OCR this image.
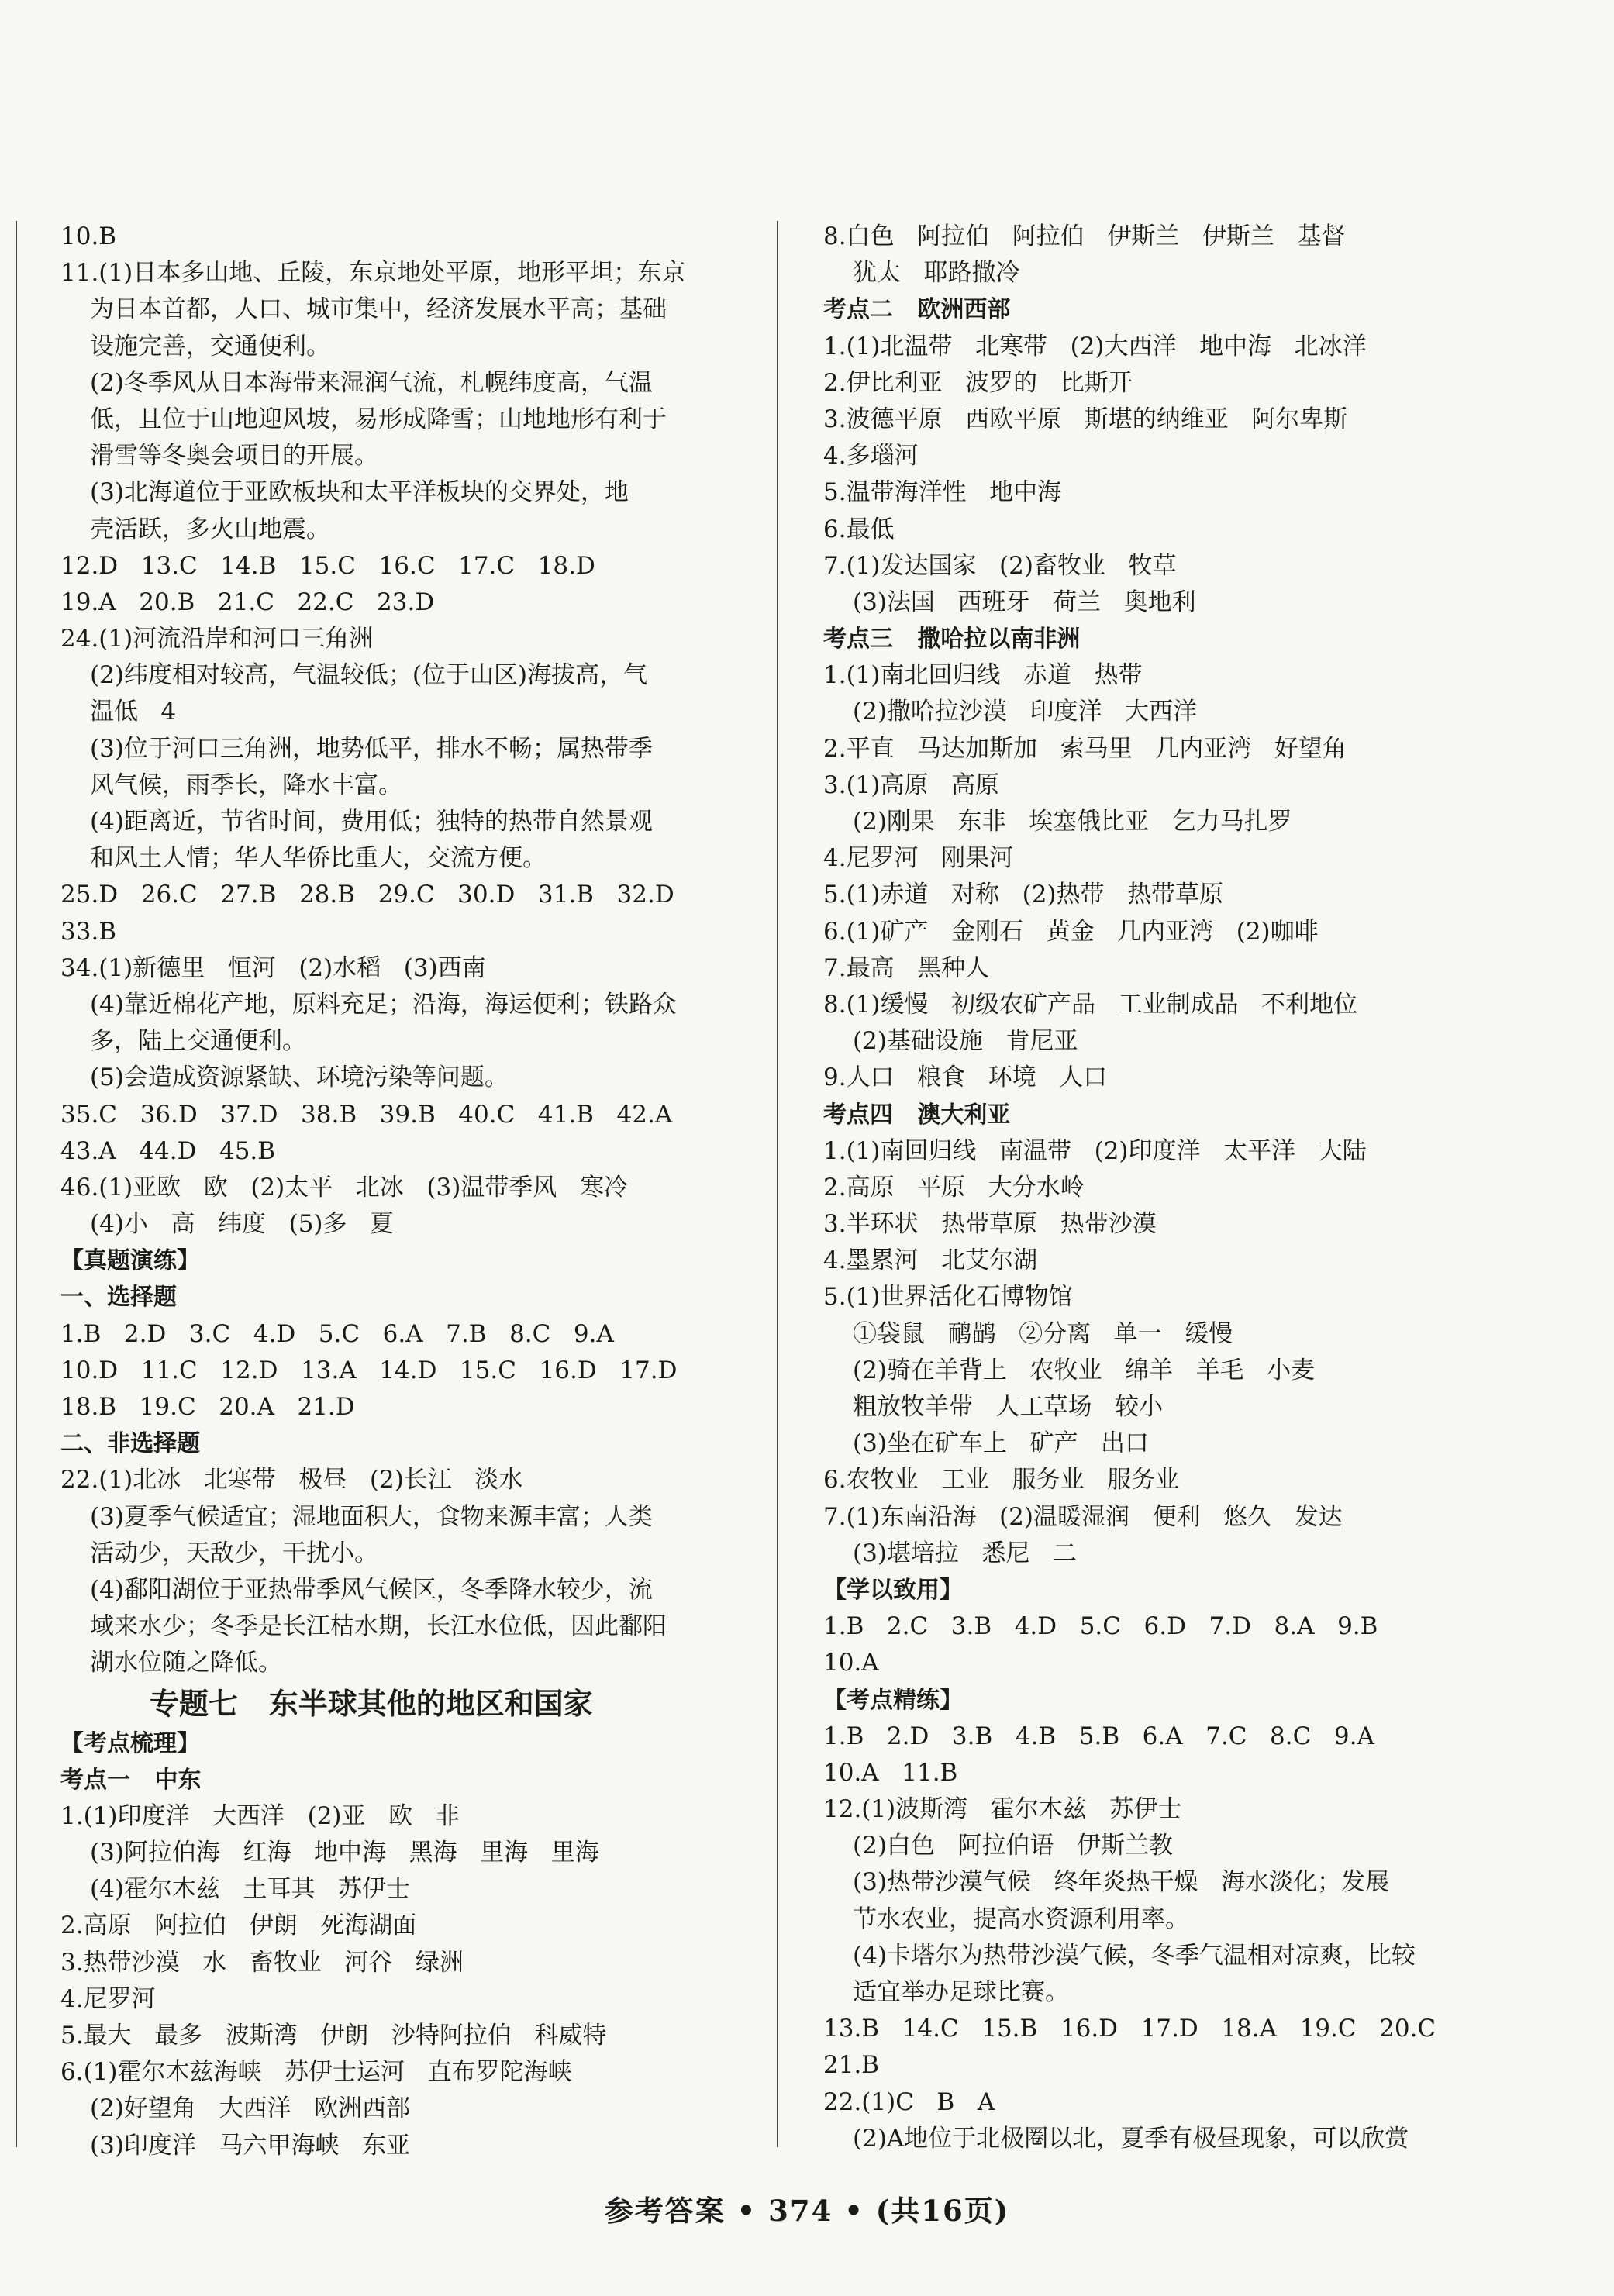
10.B
11.(1)日本多山地、丘陵，东京地处平原，地形平坦；东京
为日本首都，人口、城市集中，经济发展水平高；基础
设施完善，交通便利。
(2)冬季风从日本海带来湿润气流，札幌纬度高，气温
低，且位于山地迎风坡，易形成降雪；山地地形有利于
滑雪等冬奥会项目的开展。
(3)北海道位于亚欧板块和太平洋板块的交界处，地
壳活跃，多火山地震。
12.D   13.C   14.B   15.C   16.C   17.C   18.D
19.A   20.B   21.C   22.C   23.D
24.(1)河流沿岸和河口三角洲
(2)纬度相对较高，气温较低；(位于山区)海拔高，气
温低   4
(3)位于河口三角洲，地势低平，排水不畅；属热带季
风气候，雨季长，降水丰富。
(4)距离近，节省时间，费用低；独特的热带自然景观
和风土人情；华人华侨比重大，交流方便。
25.D   26.C   27.B   28.B   29.C   30.D   31.B   32.D
33.B
34.(1)新德里   恒河   (2)水稻   (3)西南
(4)靠近棉花产地，原料充足；沿海，海运便利；铁路众
多，陆上交通便利。
(5)会造成资源紧缺、环境污染等问题。
35.C   36.D   37.D   38.B   39.B   40.C   41.B   42.A
43.A   44.D   45.B
46.(1)亚欧   欧   (2)太平   北冰   (3)温带季风   寒冷
(4)小   高   纬度   (5)多   夏
【真题演练】
一、选择题
1.B   2.D   3.C   4.D   5.C   6.A   7.B   8.C   9.A
10.D   11.C   12.D   13.A   14.D   15.C   16.D   17.D
18.B   19.C   20.A   21.D
二、非选择题
22.(1)北冰   北寒带   极昼   (2)长江   淡水
(3)夏季气候适宜；湿地面积大，食物来源丰富；人类
活动少，天敌少，干扰小。
(4)鄱阳湖位于亚热带季风气候区，冬季降水较少，流
域来水少；冬季是长江枯水期，长江水位低，因此鄱阳
湖水位随之降低。
专题七   东半球其他的地区和国家
【考点梳理】
考点一   中东
1.(1)印度洋   大西洋   (2)亚   欧   非
(3)阿拉伯海   红海   地中海   黑海   里海   里海
(4)霍尔木兹   土耳其   苏伊士
2.高原   阿拉伯   伊朗   死海湖面
3.热带沙漠   水   畜牧业   河谷   绿洲
4.尼罗河
5.最大   最多   波斯湾   伊朗   沙特阿拉伯   科威特
6.(1)霍尔木兹海峡   苏伊士运河   直布罗陀海峡
(2)好望角   大西洋   欧洲西部
(3)印度洋   马六甲海峡   东亚
8.白色   阿拉伯   阿拉伯   伊斯兰   伊斯兰   基督
犹太   耶路撒冷
考点二   欧洲西部
1.(1)北温带   北寒带   (2)大西洋   地中海   北冰洋
2.伊比利亚   波罗的   比斯开
3.波德平原   西欧平原   斯堪的纳维亚   阿尔卑斯
4.多瑙河
5.温带海洋性   地中海
6.最低
7.(1)发达国家   (2)畜牧业   牧草
(3)法国   西班牙   荷兰   奥地利
考点三   撒哈拉以南非洲
1.(1)南北回归线   赤道   热带
(2)撒哈拉沙漠   印度洋   大西洋
2.平直   马达加斯加   索马里   几内亚湾   好望角
3.(1)高原   高原
(2)刚果   东非   埃塞俄比亚   乞力马扎罗
4.尼罗河   刚果河
5.(1)赤道   对称   (2)热带   热带草原
6.(1)矿产   金刚石   黄金   几内亚湾   (2)咖啡
7.最高   黑种人
8.(1)缓慢   初级农矿产品   工业制成品   不利地位
(2)基础设施   肯尼亚
9.人口   粮食   环境   人口
考点四   澳大利亚
1.(1)南回归线   南温带   (2)印度洋   太平洋   大陆
2.高原   平原   大分水岭
3.半环状   热带草原   热带沙漠
4.墨累河   北艾尔湖
5.(1)世界活化石博物馆
①袋鼠   鸸鹋   ②分离   单一   缓慢
(2)骑在羊背上   农牧业   绵羊   羊毛   小麦
粗放牧羊带   人工草场   较小
(3)坐在矿车上   矿产   出口
6.农牧业   工业   服务业   服务业
7.(1)东南沿海   (2)温暖湿润   便利   悠久   发达
(3)堪培拉   悉尼   二
【学以致用】
1.B   2.C   3.B   4.D   5.C   6.D   7.D   8.A   9.B
10.A
【考点精练】
1.B   2.D   3.B   4.B   5.B   6.A   7.C   8.C   9.A
10.A   11.B
12.(1)波斯湾   霍尔木兹   苏伊士
(2)白色   阿拉伯语   伊斯兰教
(3)热带沙漠气候   终年炎热干燥   海水淡化；发展
节水农业，提高水资源利用率。
(4)卡塔尔为热带沙漠气候，冬季气温相对凉爽，比较
适宜举办足球比赛。
13.B   14.C   15.B   16.D   17.D   18.A   19.C   20.C
21.B
22.(1)C   B   A
(2)A地位于北极圈以北，夏季有极昼现象，可以欣赏
参考答案 • 374 • (共16页)
